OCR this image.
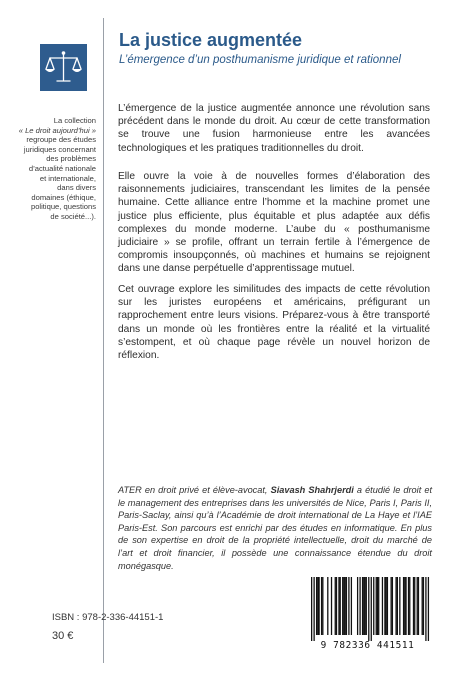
La collection
« Le droit aujourd’hui »
regroupe des études
juridiques concernant
des problèmes
d’actualité nationale
et internationale,
dans divers
domaines (éthique,
politique, questions
de société...).
La justice augmentée
L’émergence d’un posthumanisme juridique et rationnel

L’émergence de la justice augmentée annonce une révolution sans précédent dans le monde du droit. Au cœur de cette transformation se trouve une fusion harmonieuse entre les avancées technologiques et les pratiques traditionnelles du droit.

Elle ouvre la voie à de nouvelles formes d’élaboration des raisonnements judiciaires, transcendant les limites de la pensée humaine. Cette alliance entre l’homme et la machine promet une justice plus efficiente, plus équitable et plus adaptée aux défis complexes du monde moderne. L’aube du « posthumanisme judiciaire » se profile, offrant un terrain fertile à l’émergence de compromis insoupçonnés, où machines et humains se rejoignent dans une danse perpétuelle d’apprentissage mutuel.

Cet ouvrage explore les similitudes des impacts de cette révolution sur les juristes européens et américains, préfigurant un rapprochement entre leurs visions. Préparez-vous à être transporté dans un monde où les frontières entre la réalité et la virtualité s’estompent, et où chaque page révèle un nouvel horizon de réflexion.

ATER en droit privé et élève-avocat, Siavash Shahrjerdi a étudié le droit et le management des entreprises dans les universités de Nice, Paris I, Paris II, Paris-Saclay, ainsi qu’à l’Académie de droit international de La Haye et l’IAE Paris-Est. Son parcours est enrichi par des études en informatique. En plus de son expertise en droit de la propriété intellectuelle, droit du marché de l’art et droit financier, il possède une connaissance étendue du droit monégasque.

ISBN : 978-2-336-44151-1
30 €
9 782336 441511
